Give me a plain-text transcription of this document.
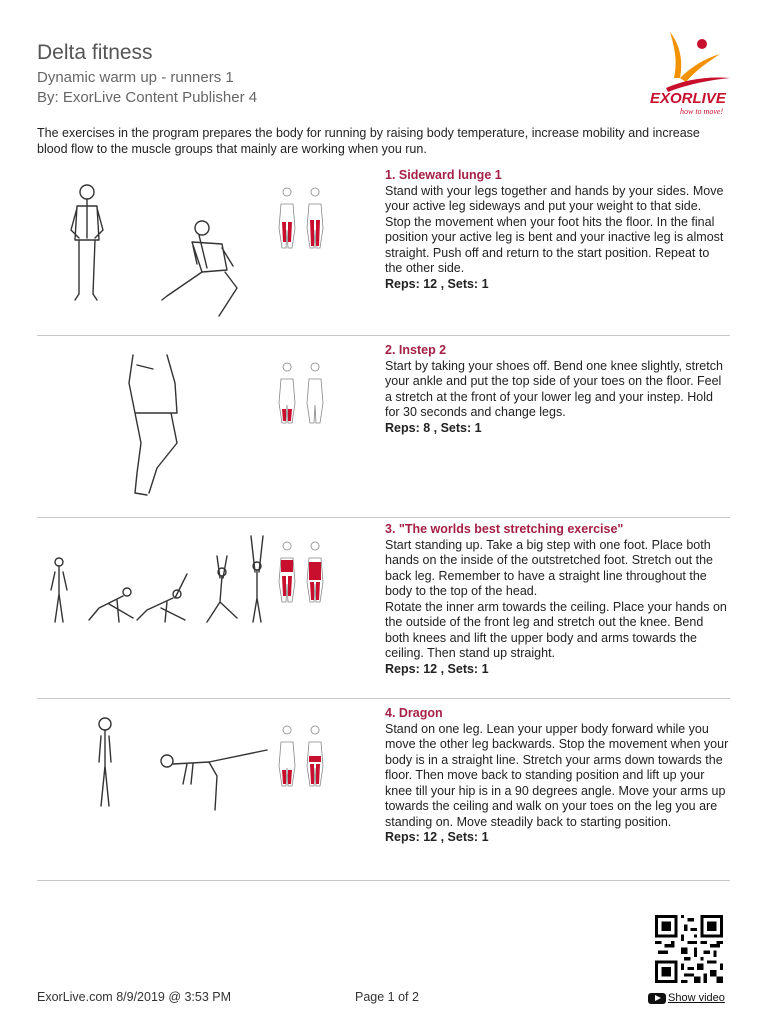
Delta fitness
Dynamic warm up - runners 1
By: ExorLive Content Publisher 4	EXORLIVE
how to move!
The exercises in the program prepares the body for running by raising body temperature, increase mobility and increase blood flow to the muscle groups that mainly are working when you run.
1. Sideward lunge 1
Stand with your legs together and hands by your sides. Move your active leg sideways and put your weight to that side. Stop the movement when your foot hits the floor. In the final position your active leg is bent and your inactive leg is almost straight. Push off and return to the start position. Repeat to the other side.
Reps: 12 , Sets: 1
2. Instep 2
Start by taking your shoes off. Bend one knee slightly, stretch your ankle and put the top side of your toes on the floor. Feel a stretch at the front of your lower leg and your instep. Hold for 30 seconds and change legs.
Reps: 8 , Sets: 1
3. "The worlds best stretching exercise"
Start standing up. Take a big step with one foot. Place both hands on the inside of the outstretched foot. Stretch out the back leg. Remember to have a straight line throughout the body to the top of the head.
Rotate the inner arm towards the ceiling. Place your hands on the outside of the front leg and stretch out the knee. Bend both knees and lift the upper body and arms towards the ceiling. Then stand up straight.
Reps: 12 , Sets: 1
4. Dragon
Stand on one leg. Lean your upper body forward while you move the other leg backwards. Stop the movement when your body is in a straight line. Stretch your arms down towards the floor. Then move back to standing position and lift up your knee till your hip is in a 90 degrees angle. Move your arms up towards the ceiling and walk on your toes on the leg you are standing on. Move steadily back to starting position.
Reps: 12 , Sets: 1
ExorLive.com 8/9/2019 @ 3:53 PM	Page 1 of 2	Show video
